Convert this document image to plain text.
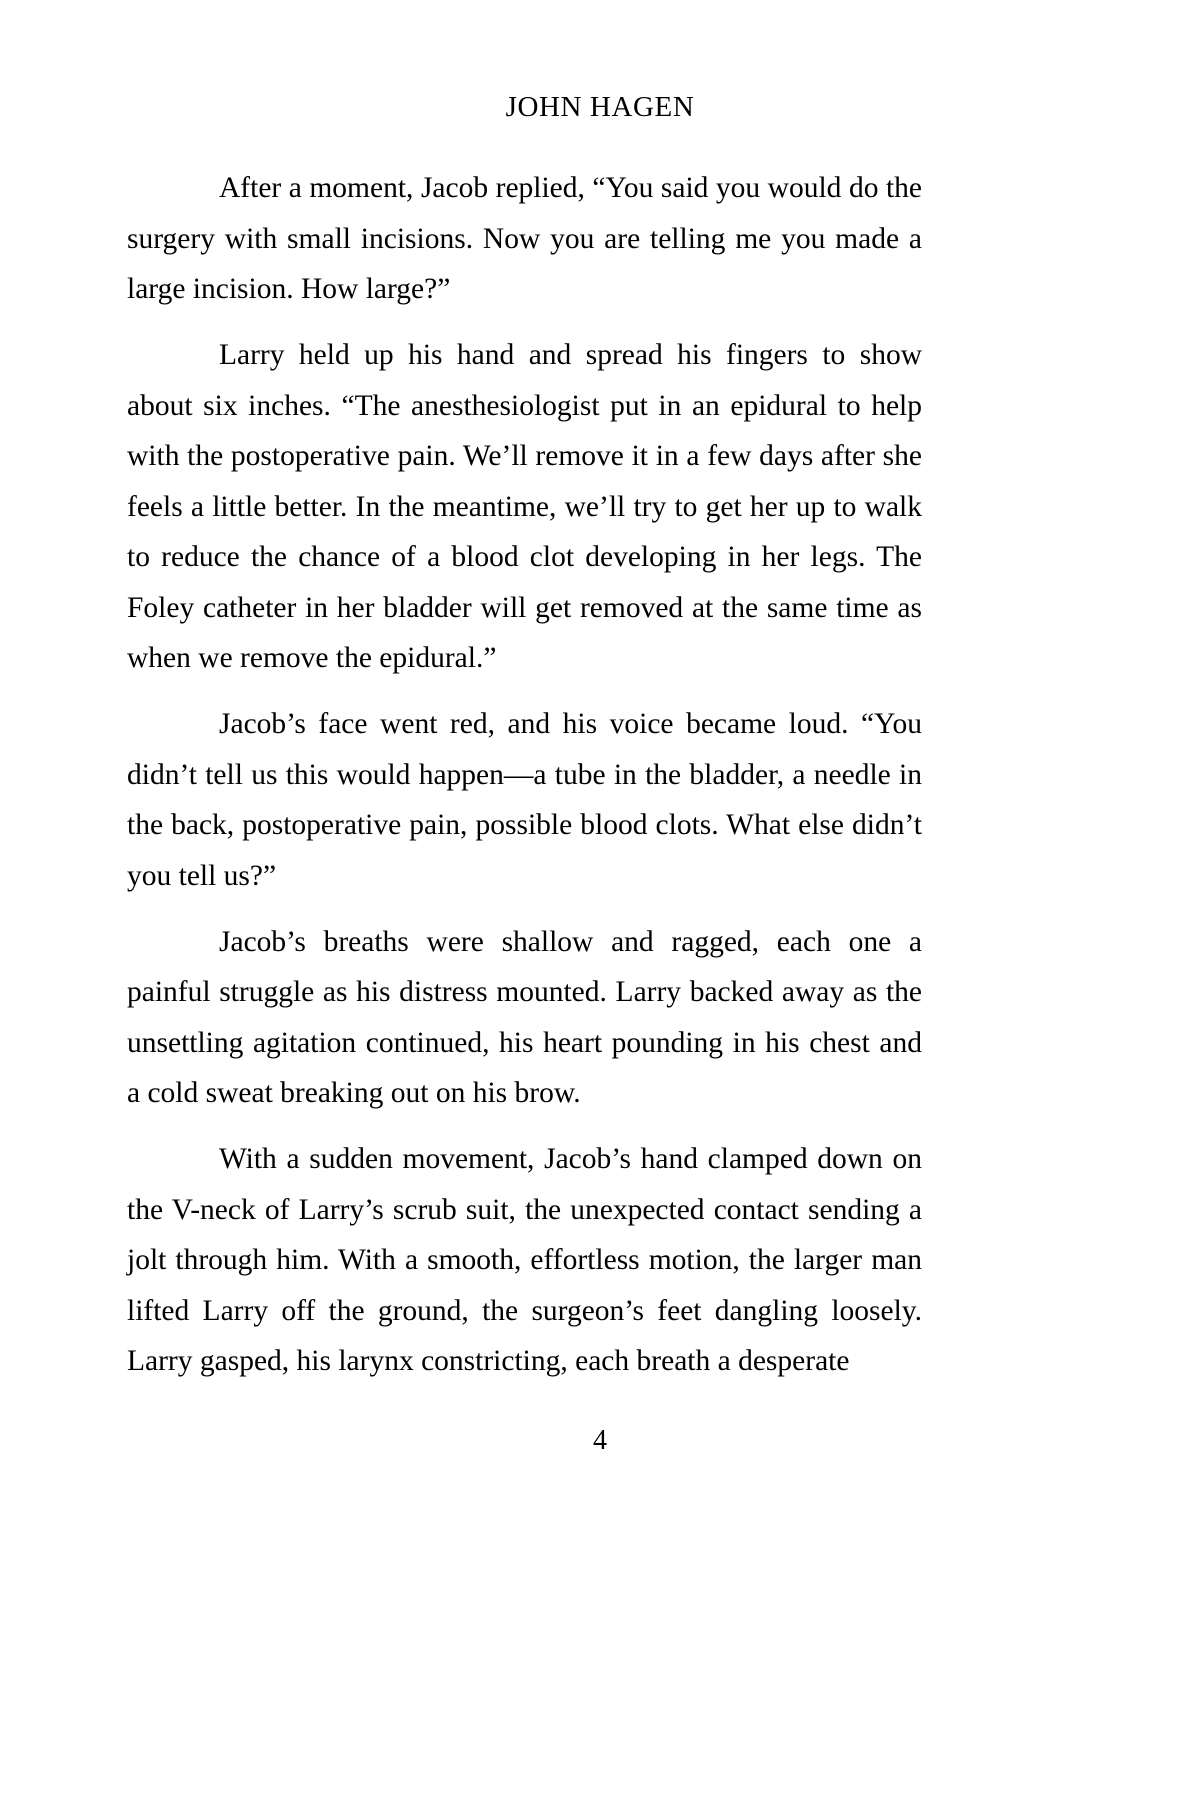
JOHN HAGEN

After a moment, Jacob replied, “You said you would do the surgery with small incisions. Now you are telling me you made a large incision. How large?”

Larry held up his hand and spread his fingers to show about six inches. “The anesthesiologist put in an epidural to help with the postoperative pain. We’ll remove it in a few days after she feels a little better. In the meantime, we’ll try to get her up to walk to reduce the chance of a blood clot developing in her legs. The Foley catheter in her bladder will get removed at the same time as when we remove the epidural.”

Jacob’s face went red, and his voice became loud. “You didn’t tell us this would happen—a tube in the bladder, a needle in the back, postoperative pain, possible blood clots. What else didn’t you tell us?”

Jacob’s breaths were shallow and ragged, each one a painful struggle as his distress mounted. Larry backed away as the unsettling agitation continued, his heart pounding in his chest and a cold sweat breaking out on his brow.

With a sudden movement, Jacob’s hand clamped down on the V-neck of Larry’s scrub suit, the unexpected contact sending a jolt through him. With a smooth, effortless motion, the larger man lifted Larry off the ground, the surgeon’s feet dangling loosely. Larry gasped, his larynx constricting, each breath a desperate

4
